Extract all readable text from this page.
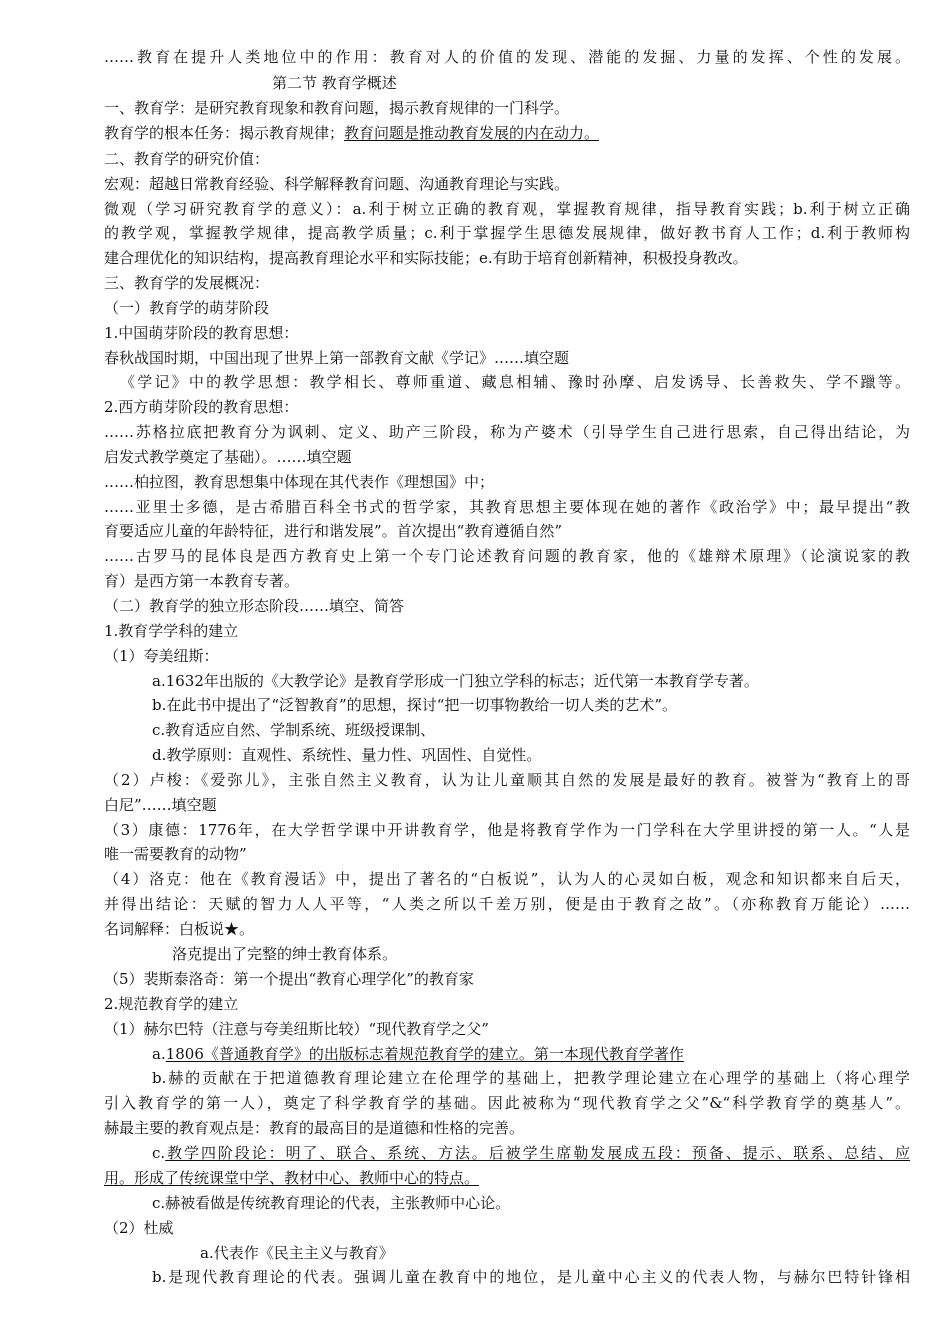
……教育在提升人类地位中的作用：教育对人的价值的发现、潜能的发掘、力量的发挥、个性的发展。
第二节 教育学概述
一、教育学：是研究教育现象和教育问题，揭示教育规律的一门科学。
教育学的根本任务：揭示教育规律；教育问题是推动教育发展的内在动力。
二、教育学的研究价值：
宏观：超越日常教育经验、科学解释教育问题、沟通教育理论与实践。
微观（学习研究教育学的意义）：a.利于树立正确的教育观，掌握教育规律，指导教育实践；b.利于树立正确
的教学观，掌握教学规律，提高教学质量；c.利于掌握学生思德发展规律，做好教书育人工作；d.利于教师构
建合理优化的知识结构，提高教育理论水平和实际技能；e.有助于培育创新精神，积极投身教改。
三、教育学的发展概况：
（一）教育学的萌芽阶段
1.中国萌芽阶段的教育思想：
春秋战国时期，中国出现了世界上第一部教育文献《学记》……填空题
《学记》中的教学思想：教学相长、尊师重道、藏息相辅、豫时孙摩、启发诱导、长善救失、学不躐等。
2.西方萌芽阶段的教育思想：
……苏格拉底把教育分为讽刺、定义、助产三阶段，称为产婆术（引导学生自己进行思索，自己得出结论，为
启发式教学奠定了基础）。……填空题
……柏拉图，教育思想集中体现在其代表作《理想国》中；
……亚里士多德，是古希腊百科全书式的哲学家，其教育思想主要体现在她的著作《政治学》中；最早提出“教
育要适应儿童的年龄特征，进行和谐发展”。首次提出“教育遵循自然”
……古罗马的昆体良是西方教育史上第一个专门论述教育问题的教育家，他的《雄辩术原理》（论演说家的教
育）是西方第一本教育专著。
（二）教育学的独立形态阶段……填空、简答
1.教育学学科的建立
（1）夸美纽斯：
a.1632年出版的《大教学论》是教育学形成一门独立学科的标志；近代第一本教育学专著。
b.在此书中提出了“泛智教育”的思想，探讨“把一切事物教给一切人类的艺术”。
c.教育适应自然、学制系统、班级授课制、
d.教学原则：直观性、系统性、量力性、巩固性、自觉性。
（2）卢梭：《爱弥儿》，主张自然主义教育，认为让儿童顺其自然的发展是最好的教育。被誉为“教育上的哥
白尼”……填空题
（3）康德：1776年，在大学哲学课中开讲教育学，他是将教育学作为一门学科在大学里讲授的第一人。“人是
唯一需要教育的动物”
（4）洛克：他在《教育漫话》中，提出了著名的“白板说”，认为人的心灵如白板，观念和知识都来自后天，
并得出结论：天赋的智力人人平等，“人类之所以千差万别，便是由于教育之故”。（亦称教育万能论）……
名词解释：白板说★。
洛克提出了完整的绅士教育体系。
（5）裴斯泰洛奇：第一个提出“教育心理学化”的教育家
2.规范教育学的建立
（1）赫尔巴特（注意与夸美纽斯比较）“现代教育学之父”
a.1806《普通教育学》的出版标志着规范教育学的建立。第一本现代教育学著作
b.赫的贡献在于把道德教育理论建立在伦理学的基础上，把教学理论建立在心理学的基础上（将心理学
引入教育学的第一人），奠定了科学教育学的基础。因此被称为“现代教育学之父”&“科学教育学的奠基人”。
赫最主要的教育观点是：教育的最高目的是道德和性格的完善。
c.教学四阶段论：明了、联合、系统、方法。后被学生席勒发展成五段：预备、提示、联系、总结、应
用。形成了传统课堂中学、教材中心、教师中心的特点。
c.赫被看做是传统教育理论的代表，主张教师中心论。
（2）杜威
a.代表作《民主主义与教育》
b.是现代教育理论的代表。强调儿童在教育中的地位，是儿童中心主义的代表人物，与赫尔巴特针锋相
